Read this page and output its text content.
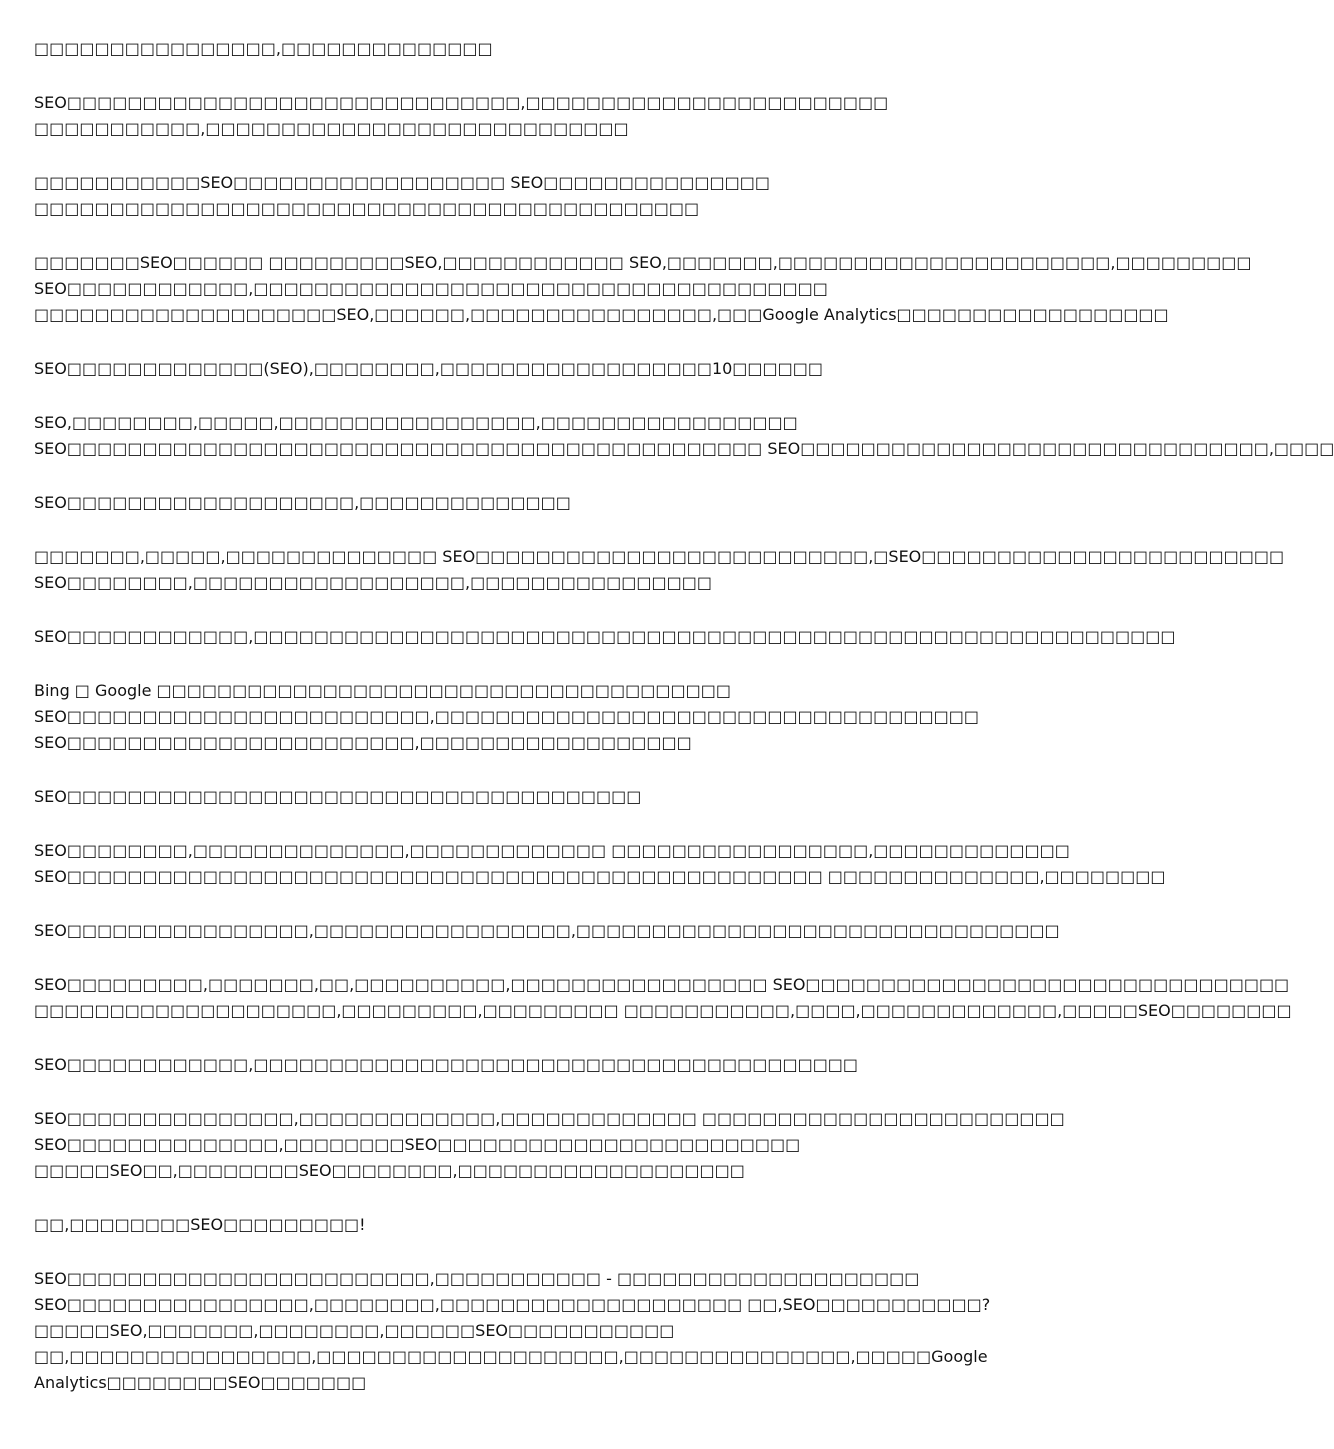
□□□□□□□□□□□□□□□□,□□□□□□□□□□□□□□
SEO□□□□□□□□□□□□□□□□□□□□□□□□□□□□□□,□□□□□□□□□□□□□□□□□□□□□□□□
□□□□□□□□□□□,□□□□□□□□□□□□□□□□□□□□□□□□□□□□
□□□□□□□□□□□SEO□□□□□□□□□□□□□□□□□□ SEO□□□□□□□□□□□□□□□
□□□□□□□□□□□□□□□□□□□□□□□□□□□□□□□□□□□□□□□□□□□□
□□□□□□□SEO□□□□□□ □□□□□□□□□SEO,□□□□□□□□□□□□ SEO,□□□□□□□,□□□□□□□□□□□□□□□□□□□□□□,□□□□□□□□□
SEO□□□□□□□□□□□□,□□□□□□□□□□□□□□□□□□□□□□□□□□□□□□□□□□□□□□
□□□□□□□□□□□□□□□□□□□□SEO,□□□□□□,□□□□□□□□□□□□□□□□,□□□Google Analytics□□□□□□□□□□□□□□□□□□
SEO□□□□□□□□□□□□□(SEO),□□□□□□□□,□□□□□□□□□□□□□□□□□□10□□□□□□
SEO,□□□□□□□□,□□□□□,□□□□□□□□□□□□□□□□□,□□□□□□□□□□□□□□□□□
SEO□□□□□□□□□□□□□□□□□□□□□□□□□□□□□□□□□□□□□□□□□□□□□□ SEO□□□□□□□□□□□□□□□□□□□□□□□□□□□□□□□,□□□□
SEO□□□□□□□□□□□□□□□□□□□,□□□□□□□□□□□□□□
□□□□□□□,□□□□□,□□□□□□□□□□□□□□ SEO□□□□□□□□□□□□□□□□□□□□□□□□□□,□SEO□□□□□□□□□□□□□□□□□□□□□□□□
SEO□□□□□□□□,□□□□□□□□□□□□□□□□□□,□□□□□□□□□□□□□□□□
SEO□□□□□□□□□□□□,□□□□□□□□□□□□□□□□□□□□□□□□□□□□□□□□□□□□□□□□□□□□□□□□□□□□□□□□□□□□□
Bing □ Google □□□□□□□□□□□□□□□□□□□□□□□□□□□□□□□□□□□□□□
SEO□□□□□□□□□□□□□□□□□□□□□□□□,□□□□□□□□□□□□□□□□□□□□□□□□□□□□□□□□□□□□
SEO□□□□□□□□□□□□□□□□□□□□□□□,□□□□□□□□□□□□□□□□□□
SEO□□□□□□□□□□□□□□□□□□□□□□□□□□□□□□□□□□□□□□
SEO□□□□□□□□,□□□□□□□□□□□□□□,□□□□□□□□□□□□□ □□□□□□□□□□□□□□□□□,□□□□□□□□□□□□□
SEO□□□□□□□□□□□□□□□□□□□□□□□□□□□□□□□□□□□□□□□□□□□□□□□□□□ □□□□□□□□□□□□□□,□□□□□□□□
SEO□□□□□□□□□□□□□□□□,□□□□□□□□□□□□□□□□□,□□□□□□□□□□□□□□□□□□□□□□□□□□□□□□□□
SEO□□□□□□□□□,□□□□□□□,□□,□□□□□□□□□□,□□□□□□□□□□□□□□□□□ SEO□□□□□□□□□□□□□□□□□□□□□□□□□□□□□□□□
□□□□□□□□□□□□□□□□□□□□,□□□□□□□□□,□□□□□□□□□ □□□□□□□□□□□,□□□□,□□□□□□□□□□□□□,□□□□□SEO□□□□□□□□
SEO□□□□□□□□□□□□,□□□□□□□□□□□□□□□□□□□□□□□□□□□□□□□□□□□□□□□□
SEO□□□□□□□□□□□□□□□,□□□□□□□□□□□□□,□□□□□□□□□□□□□ □□□□□□□□□□□□□□□□□□□□□□□□
SEO□□□□□□□□□□□□□□,□□□□□□□□SEO□□□□□□□□□□□□□□□□□□□□□□□□
□□□□□SEO□□,□□□□□□□□SEO□□□□□□□□,□□□□□□□□□□□□□□□□□□□
□□,□□□□□□□□SEO□□□□□□□□□!
SEO□□□□□□□□□□□□□□□□□□□□□□□□,□□□□□□□□□□□ - □□□□□□□□□□□□□□□□□□□□
SEO□□□□□□□□□□□□□□□□,□□□□□□□□,□□□□□□□□□□□□□□□□□□□□ □□,SEO□□□□□□□□□□□?
□□□□□SEO,□□□□□□□,□□□□□□□□,□□□□□□SEO□□□□□□□□□□□
□□,□□□□□□□□□□□□□□□□,□□□□□□□□□□□□□□□□□□□□,□□□□□□□□□□□□□□□,□□□□□Google
Analytics□□□□□□□□SEO□□□□□□□
